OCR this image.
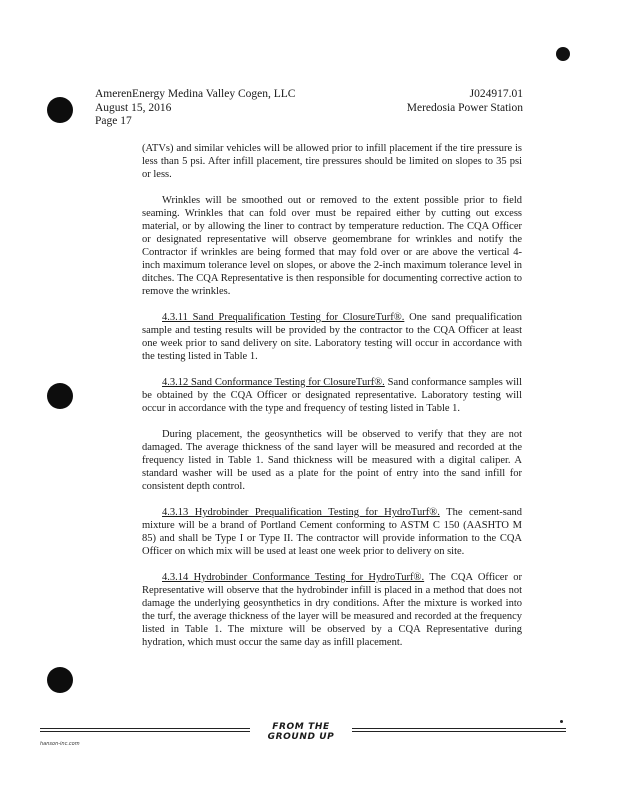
AmerenEnergy Medina Valley Cogen, LLC	J024917.01
August 15, 2016	Meredosia Power Station
Page 17

(ATVs) and similar vehicles will be allowed prior to infill placement if the tire pressure is less than 5 psi. After infill placement, tire pressures should be limited on slopes to 35 psi or less.

Wrinkles will be smoothed out or removed to the extent possible prior to field seaming. Wrinkles that can fold over must be repaired either by cutting out excess material, or by allowing the liner to contract by temperature reduction. The CQA Officer or designated representative will observe geomembrane for wrinkles and notify the Contractor if wrinkles are being formed that may fold over or are above the vertical 4-inch maximum tolerance level on slopes, or above the 2-inch maximum tolerance level in ditches. The CQA Representative is then responsible for documenting corrective action to remove the wrinkles.

4.3.11 Sand Prequalification Testing for ClosureTurf®. One sand prequalification sample and testing results will be provided by the contractor to the CQA Officer at least one week prior to sand delivery on site. Laboratory testing will occur in accordance with the testing listed in Table 1.

4.3.12 Sand Conformance Testing for ClosureTurf®. Sand conformance samples will be obtained by the CQA Officer or designated representative. Laboratory testing will occur in accordance with the type and frequency of testing listed in Table 1.

During placement, the geosynthetics will be observed to verify that they are not damaged. The average thickness of the sand layer will be measured and recorded at the frequency listed in Table 1. Sand thickness will be measured with a digital caliper. A standard washer will be used as a plate for the point of entry into the sand infill for consistent depth control.

4.3.13 Hydrobinder Prequalification Testing for HydroTurf®. The cement-sand mixture will be a brand of Portland Cement conforming to ASTM C 150 (AASHTO M 85) and shall be Type I or Type II. The contractor will provide information to the CQA Officer on which mix will be used at least one week prior to delivery on site.

4.3.14 Hydrobinder Conformance Testing for HydroTurf®. The CQA Officer or Representative will observe that the hydrobinder infill is placed in a method that does not damage the underlying geosynthetics in dry conditions. After the mixture is worked into the turf, the average thickness of the layer will be measured and recorded at the frequency listed in Table 1. The mixture will be observed by a CQA Representative during hydration, which must occur the same day as infill placement.

FROM THE GROUND UP
hanson-inc.com
